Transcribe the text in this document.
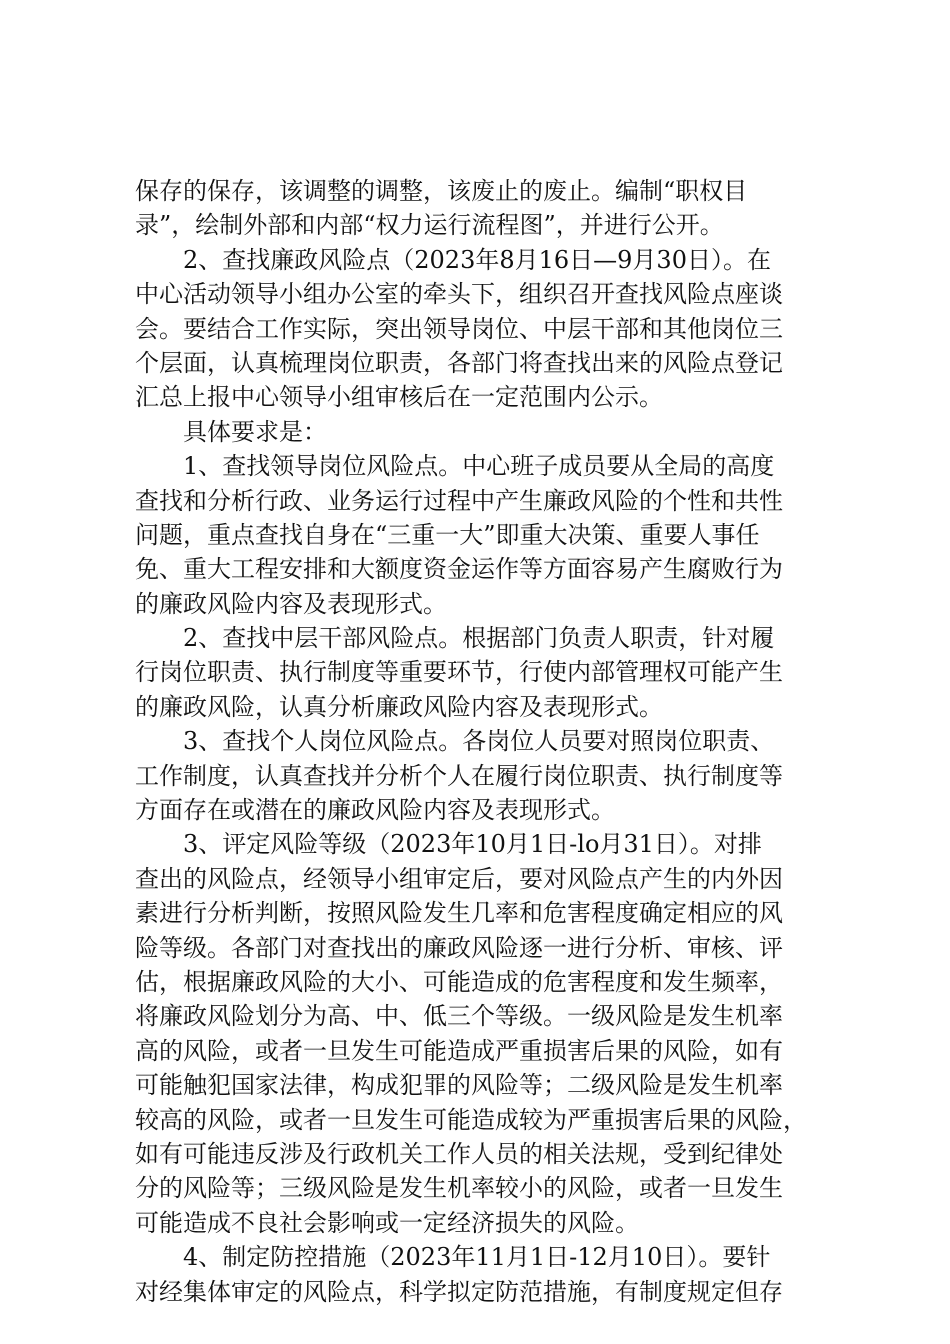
保存的保存，该调整的调整，该废止的废止。编制“职权目
录”，绘制外部和内部“权力运行流程图”，并进行公开。
2、查找廉政风险点（2023年8月16日—9月30日）。在
中心活动领导小组办公室的牵头下，组织召开查找风险点座谈
会。要结合工作实际，突出领导岗位、中层干部和其他岗位三
个层面，认真梳理岗位职责，各部门将查找出来的风险点登记
汇总上报中心领导小组审核后在一定范围内公示。
具体要求是：
1、查找领导岗位风险点。中心班子成员要从全局的高度
查找和分析行政、业务运行过程中产生廉政风险的个性和共性
问题，重点查找自身在“三重一大”即重大决策、重要人事任
免、重大工程安排和大额度资金运作等方面容易产生腐败行为
的廉政风险内容及表现形式。
2、查找中层干部风险点。根据部门负责人职责，针对履
行岗位职责、执行制度等重要环节，行使内部管理权可能产生
的廉政风险，认真分析廉政风险内容及表现形式。
3、查找个人岗位风险点。各岗位人员要对照岗位职责、
工作制度，认真查找并分析个人在履行岗位职责、执行制度等
方面存在或潜在的廉政风险内容及表现形式。
3、评定风险等级（2023年10月1日-lo月31日）。对排
查出的风险点，经领导小组审定后，要对风险点产生的内外因
素进行分析判断，按照风险发生几率和危害程度确定相应的风
险等级。各部门对查找出的廉政风险逐一进行分析、审核、评
估，根据廉政风险的大小、可能造成的危害程度和发生频率，
将廉政风险划分为高、中、低三个等级。一级风险是发生机率
高的风险，或者一旦发生可能造成严重损害后果的风险，如有
可能触犯国家法律，构成犯罪的风险等；二级风险是发生机率
较高的风险，或者一旦发生可能造成较为严重损害后果的风险，
如有可能违反涉及行政机关工作人员的相关法规，受到纪律处
分的风险等；三级风险是发生机率较小的风险，或者一旦发生
可能造成不良社会影响或一定经济损失的风险。
4、制定防控措施（2023年11月1日-12月10日）。要针
对经集体审定的风险点，科学拟定防范措施，有制度规定但存
